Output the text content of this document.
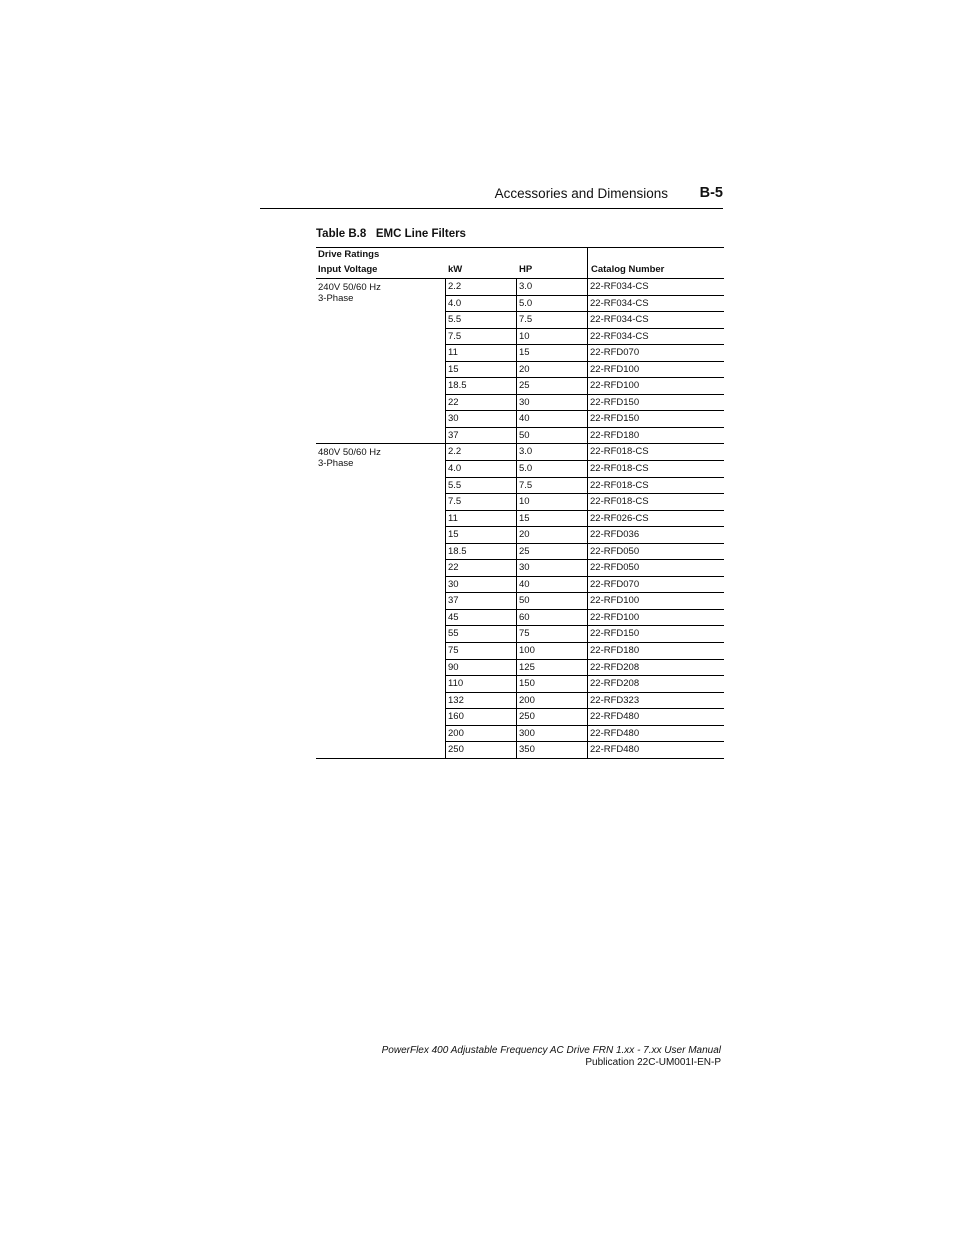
Accessories and Dimensions B-5
Table B.8   EMC Line Filters
Drive Ratings
Input Voltage	kW	HP	Catalog Number
240V 50/60 Hz
3-Phase
2.2	3.0	22-RF034-CS
4.0	5.0	22-RF034-CS
5.5	7.5	22-RF034-CS
7.5	10	22-RF034-CS
11	15	22-RFD070
15	20	22-RFD100
18.5	25	22-RFD100
22	30	22-RFD150
30	40	22-RFD150
37	50	22-RFD180
480V 50/60 Hz
3-Phase
2.2	3.0	22-RF018-CS
4.0	5.0	22-RF018-CS
5.5	7.5	22-RF018-CS
7.5	10	22-RF018-CS
11	15	22-RF026-CS
15	20	22-RFD036
18.5	25	22-RFD050
22	30	22-RFD050
30	40	22-RFD070
37	50	22-RFD100
45	60	22-RFD100
55	75	22-RFD150
75	100	22-RFD180
90	125	22-RFD208
110	150	22-RFD208
132	200	22-RFD323
160	250	22-RFD480
200	300	22-RFD480
250	350	22-RFD480
PowerFlex 400 Adjustable Frequency AC Drive FRN 1.xx - 7.xx User Manual
Publication 22C-UM001I-EN-P
